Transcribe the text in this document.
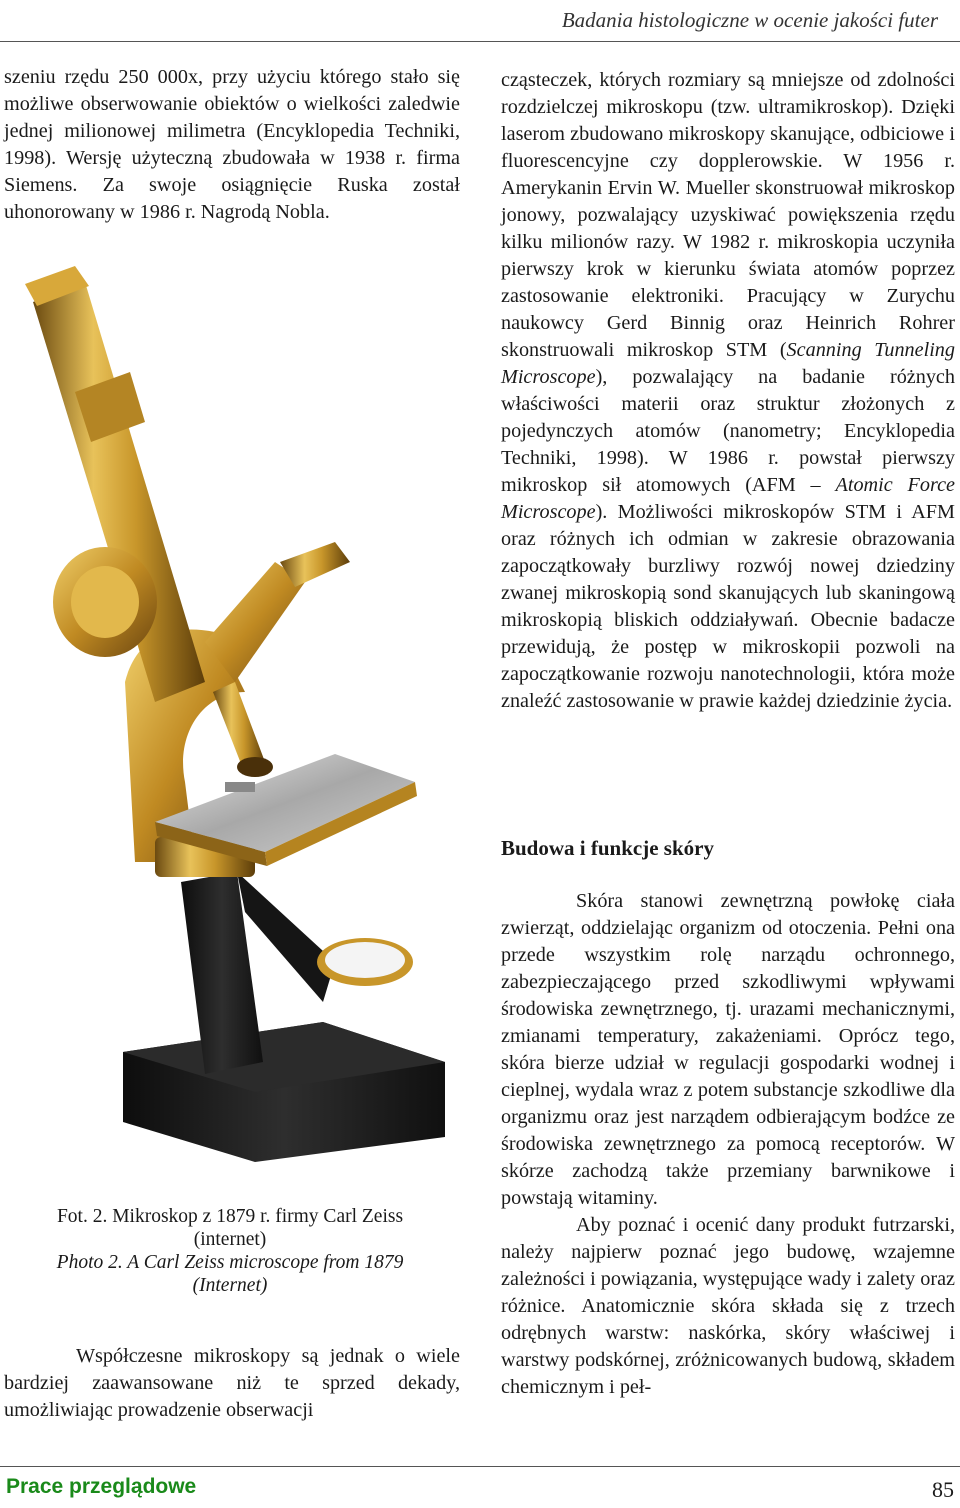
Badania histologiczne w ocenie jakości futer

szeniu rzędu 250 000x, przy użyciu którego stało się możliwe obserwowanie obiektów o wielkości zaledwie jednej milionowej milimetra (Encyklopedia Techniki, 1998). Wersję użyteczną zbudowała w 1938 r. firma Siemens. Za swoje osiągnięcie Ruska został uhonorowany w 1986 r. Nagrodą Nobla.

Fot. 2. Mikroskop z 1879 r. firmy Carl Zeiss
(internet)
Photo 2. A Carl Zeiss microscope from 1879
(Internet)

Współczesne mikroskopy są jednak o wiele bardziej zaawansowane niż te sprzed dekady, umożliwiając prowadzenie obserwacji

cząsteczek, których rozmiary są mniejsze od zdolności rozdzielczej mikroskopu (tzw. ultramikroskop). Dzięki laserom zbudowano mikroskopy skanujące, odbiciowe i fluorescencyjne czy dopplerowskie. W 1956 r. Amerykanin Ervin W. Mueller skonstruował mikroskop jonowy, pozwalający uzyskiwać powiększenia rzędu kilku milionów razy. W 1982 r. mikroskopia uczyniła pierwszy krok w kierunku świata atomów poprzez zastosowanie elektroniki. Pracujący w Zurychu naukowcy Gerd Binnig oraz Heinrich Rohrer skonstruowali mikroskop STM (Scanning Tunneling Microscope), pozwalający na badanie różnych właściwości materii oraz struktur złożonych z pojedynczych atomów (nanometry; Encyklopedia Techniki, 1998). W 1986 r. powstał pierwszy mikroskop sił atomowych (AFM – Atomic Force Microscope). Możliwości mikroskopów STM i AFM oraz różnych ich odmian w zakresie obrazowania zapoczątkowały burzliwy rozwój nowej dziedziny zwanej mikroskopią sond skanujących lub skaningową mikroskopią bliskich oddziaływań. Obecnie badacze przewidują, że postęp w mikroskopii pozwoli na zapoczątkowanie rozwoju nanotechnologii, która może znaleźć zastosowanie w prawie każdej dziedzinie życia.

Budowa i funkcje skóry

Skóra stanowi zewnętrzną powłokę ciała zwierząt, oddzielając organizm od otoczenia. Pełni ona przede wszystkim rolę narządu ochronnego, zabezpieczającego przed szkodliwymi wpływami środowiska zewnętrznego, tj. urazami mechanicznymi, zmianami temperatury, zakażeniami. Oprócz tego, skóra bierze udział w regulacji gospodarki wodnej i cieplnej, wydala wraz z potem substancje szkodliwe dla organizmu oraz jest narządem odbierającym bodźce ze środowiska zewnętrznego za pomocą receptorów. W skórze zachodzą także przemiany barwnikowe i powstają witaminy.

Aby poznać i ocenić dany produkt futrzarski, należy najpierw poznać jego budowę, wzajemne zależności i powiązania, występujące wady i zalety oraz różnice. Anatomicznie skóra składa się z trzech odrębnych warstw: naskórka, skóry właściwej i warstwy podskórnej, zróżnicowanych budową, składem chemicznym i peł-

Prace przeglądowe	85
